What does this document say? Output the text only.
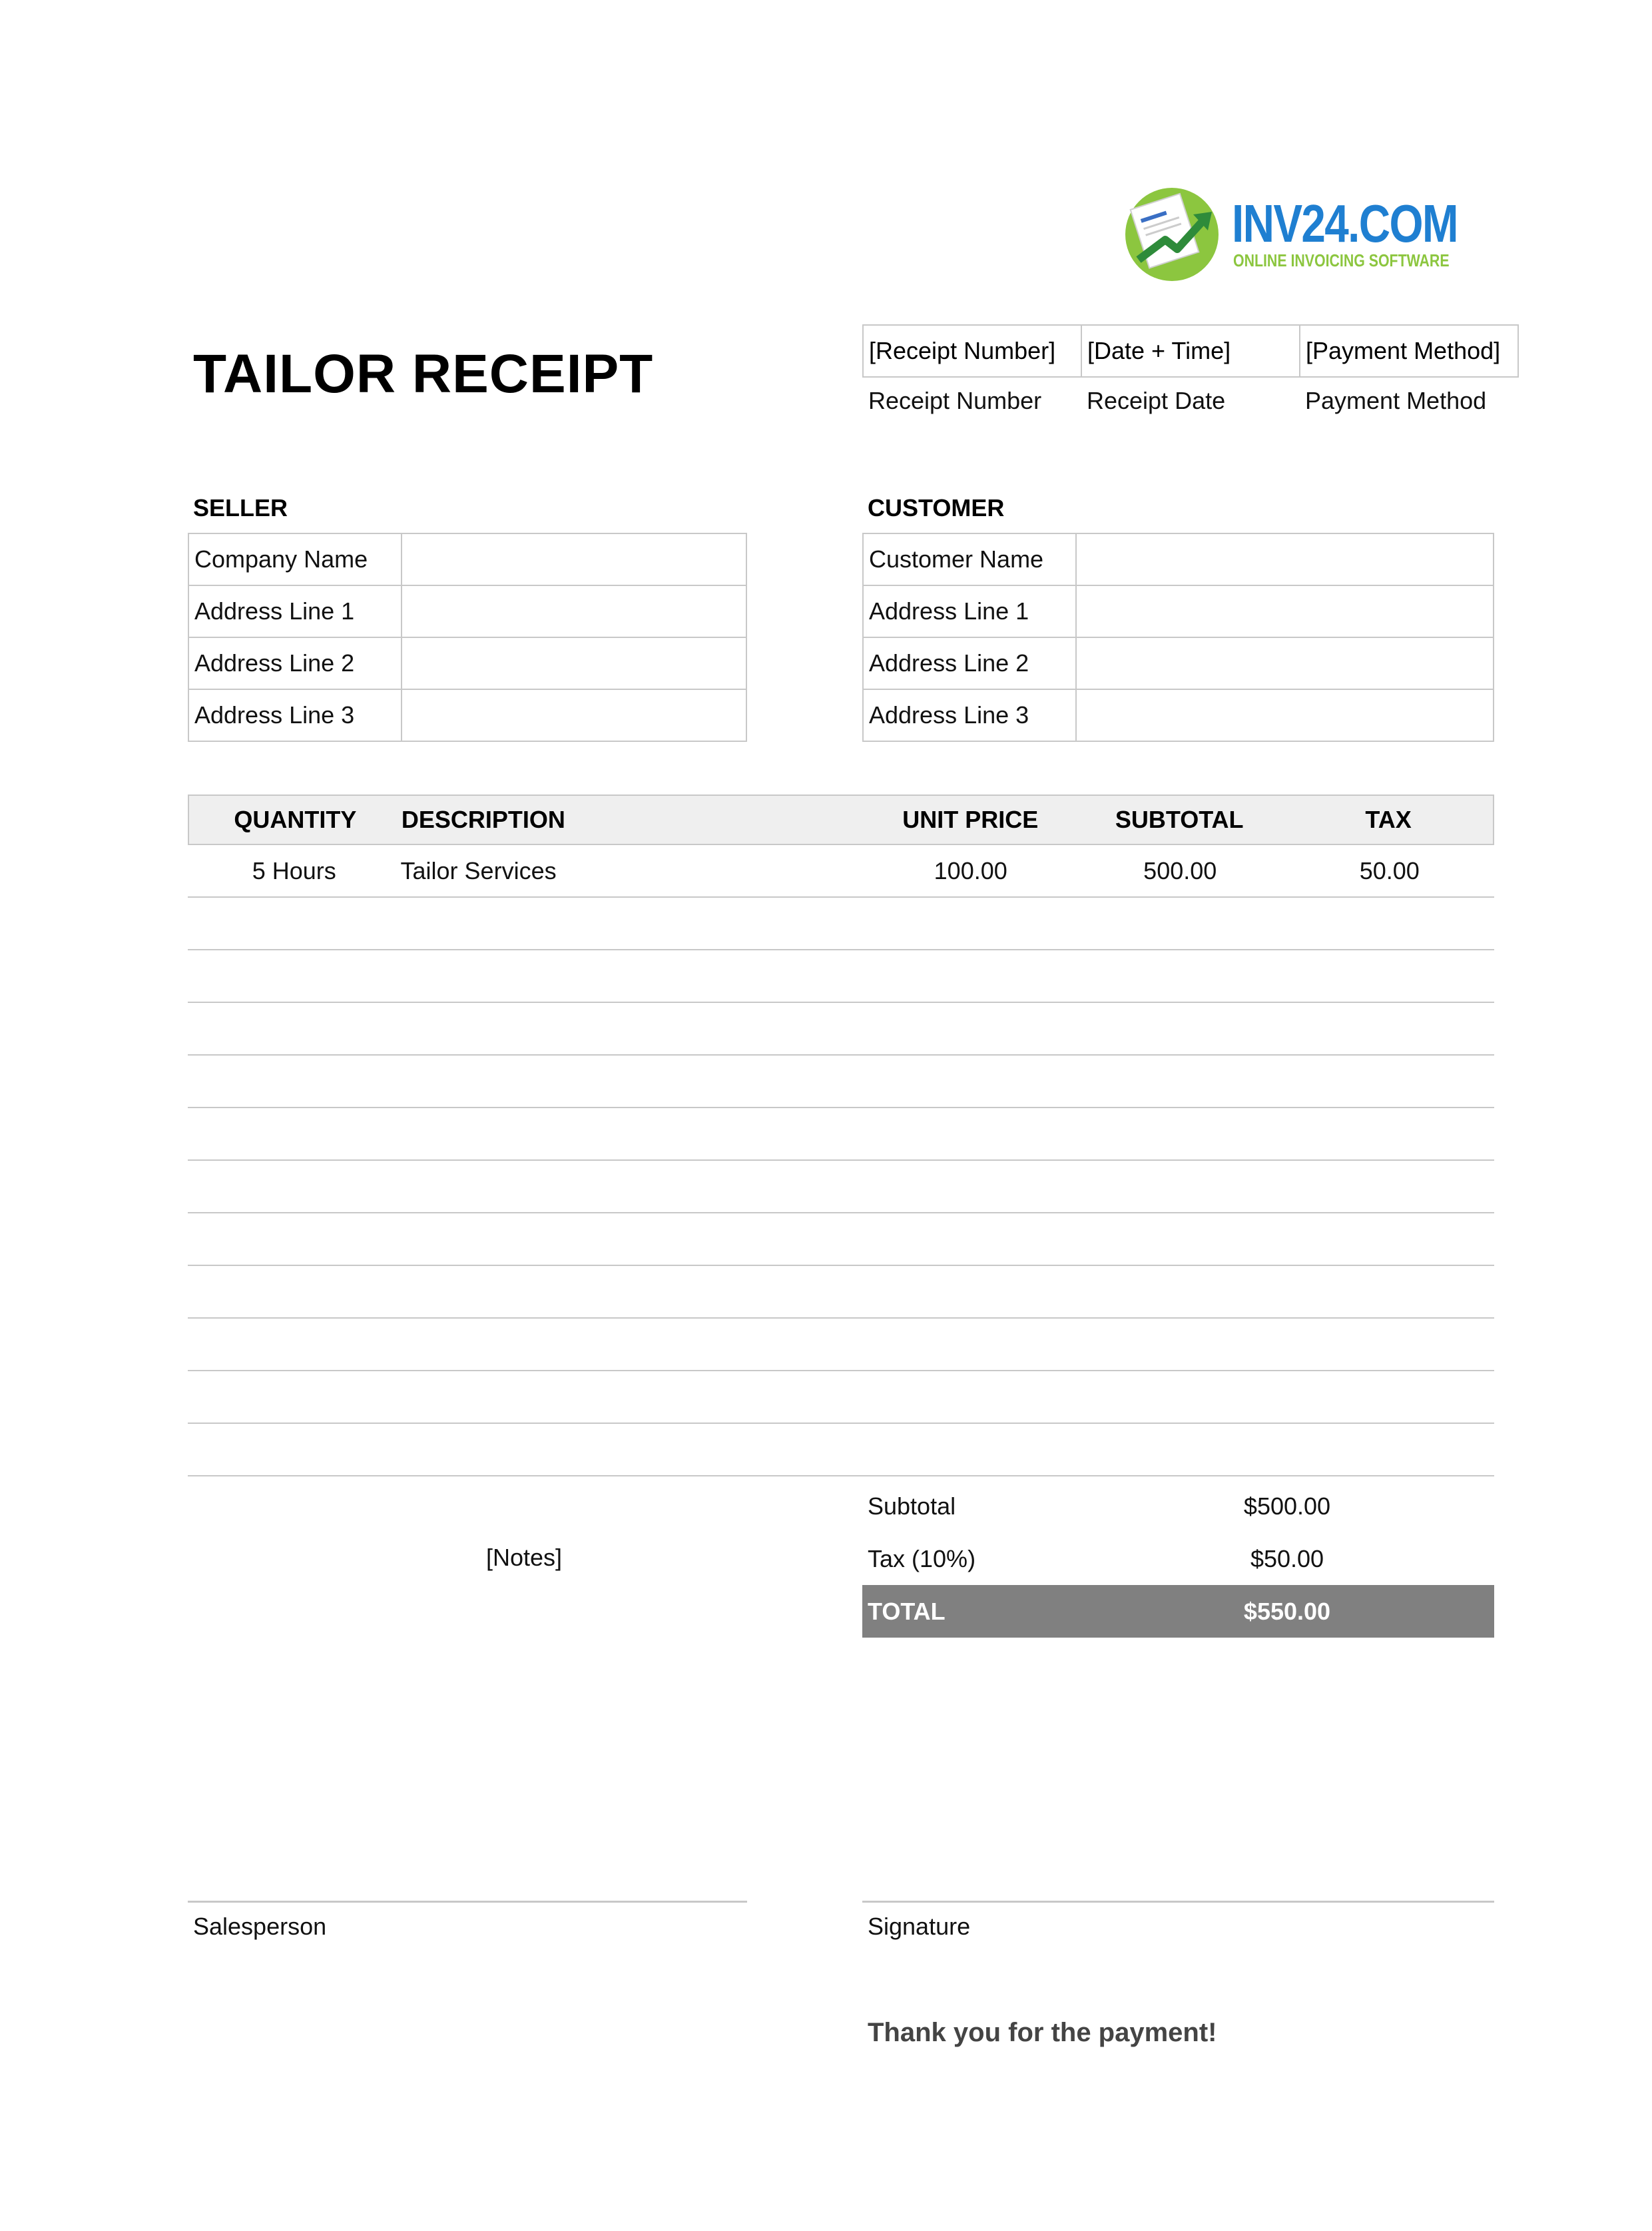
INV24.COM
ONLINE INVOICING SOFTWARE
TAILOR RECEIPT	[Receipt Number]	[Date + Time]	[Payment Method]
Receipt Number	Receipt Date	Payment Method
SELLER
Company Name	
Address Line 1	
Address Line 2	
Address Line 3	
CUSTOMER
Customer Name	
Address Line 1	
Address Line 2	
Address Line 3	
QUANTITY	DESCRIPTION	UNIT PRICE	SUBTOTAL	TAX
5 Hours	Tailor Services	100.00	500.00	50.00
[Notes]
Subtotal	$500.00
Tax (10%)	$50.00
TOTAL	$550.00
Salesperson	Signature
Thank you for the payment!
